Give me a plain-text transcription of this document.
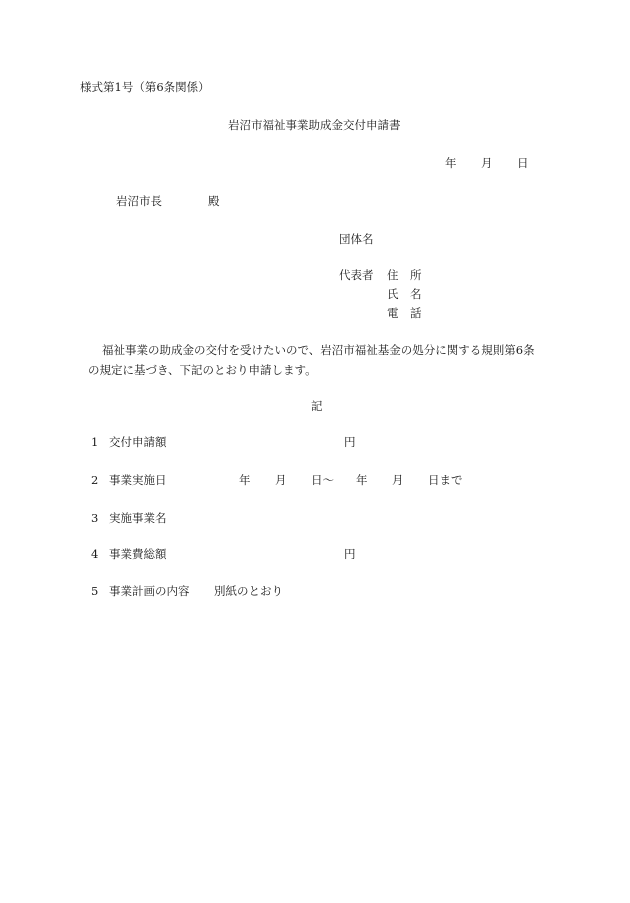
様式第1号（第6条関係）
岩沼市福祉事業助成金交付申請書
年 月 日
岩沼市長	殿
団体名
代表者 住　所
氏　名
電　話
福祉事業の助成金の交付を受けたいので、岩沼市福祉基金の処分に関する規則第6条
の規定に基づき、下記のとおり申請します。
記
1 交付申請額	円
2 事業実施日	年 月 日～ 年 月 日まで
3 実施事業名
4 事業費総額	円
5 事業計画の内容 別紙のとおり
